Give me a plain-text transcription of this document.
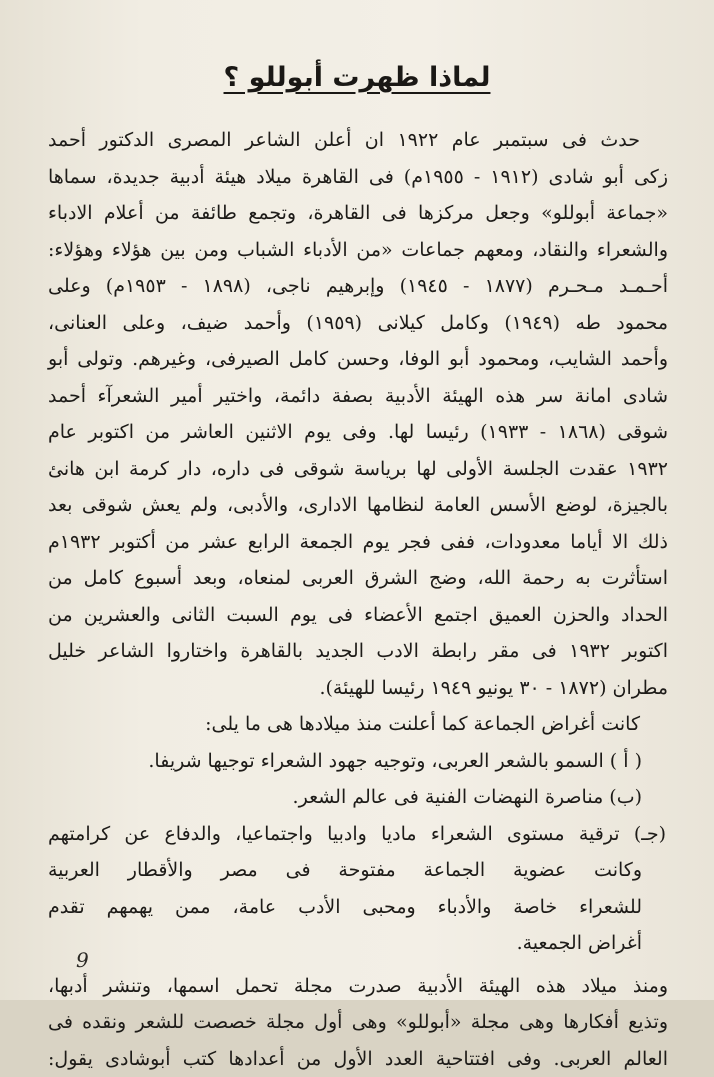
لماذا ظهرت أبوللو ؟
حدث فى سبتمبر عام ١٩٢٢ ان أعلن الشاعر المصرى الدكتور أحمد
زكى أبو شادى (١٩١٢ - ١٩٥٥م) فى القاهرة ميلاد هيئة أدبية جديدة، سماها
«جماعة أبوللو» وجعل مركزها فى القاهرة، وتجمع طائفة من أعلام الادباء
والشعراء والنقاد، ومعهم جماعات «من الأدباء الشباب ومن بين هؤلاء وهؤلاء:
أحـمـد مـحـرم (١٨٧٧ - ١٩٤٥) وإبرهيم ناجى، (١٨٩٨ - ١٩٥٣م) وعلى
محمود طه (١٩٤٩) وكامل كيلانى (١٩٥٩) وأحمد ضيف، وعلى العنانى،
وأحمد الشايب، ومحمود أبو الوفا، وحسن كامل الصيرفى، وغيرهم. وتولى أبو
شادى امانة سر هذه الهيئة الأدبية بصفة دائمة، واختير أمير الشعرآء أحمد
شوقى (١٨٦٨ - ١٩٣٣) رئيسا لها. وفى يوم الاثنين العاشر من اكتوبر عام
١٩٣٢ عقدت الجلسة الأولى لها برياسة شوقى فى داره، دار كرمة ابن هانئ
بالجيزة، لوضع الأسس العامة لنظامها الادارى، والأدبى، ولم يعش شوقى بعد
ذلك الا أياما معدودات، ففى فجر يوم الجمعة الرابع عشر من أكتوبر ١٩٣٢م
استأثرت به رحمة الله، وضج الشرق العربى لمنعاه، وبعد أسبوع كامل من
الحداد والحزن العميق اجتمع الأعضاء فى يوم السبت الثانى والعشرين من
اكتوبر ١٩٣٢ فى مقر رابطة الادب الجديد بالقاهرة واختاروا الشاعر خليل
مطران (١٨٧٢ - ٣٠ يونيو ١٩٤٩ رئيسا للهيئة).
كانت أغراض الجماعة كما أعلنت منذ ميلادها هى ما يلى:
( أ ) السمو بالشعر العربى، وتوجيه جهود الشعراء توجيها شريفا.
(ب) مناصرة النهضات الفنية فى عالم الشعر.
(جـ) ترقية مستوى الشعراء ماديا وادبيا واجتماعيا، والدفاع عن كرامتهم
وكانت عضوية الجماعة مفتوحة فى مصر والأقطار العربية
للشعراء خاصة والأدباء ومحبى الأدب عامة، ممن يهمهم تقدم
أغراض الجمعية.
ومنذ ميلاد هذه الهيئة الأدبية صدرت مجلة تحمل اسمها، وتنشر أدبها،
وتذيع أفكارها وهى مجلة «أبوللو» وهى أول مجلة خصصت للشعر ونقده فى
العالم العربى. وفى افتتاحية العدد الأول من أعدادها كتب أبوشادى يقول:
9
